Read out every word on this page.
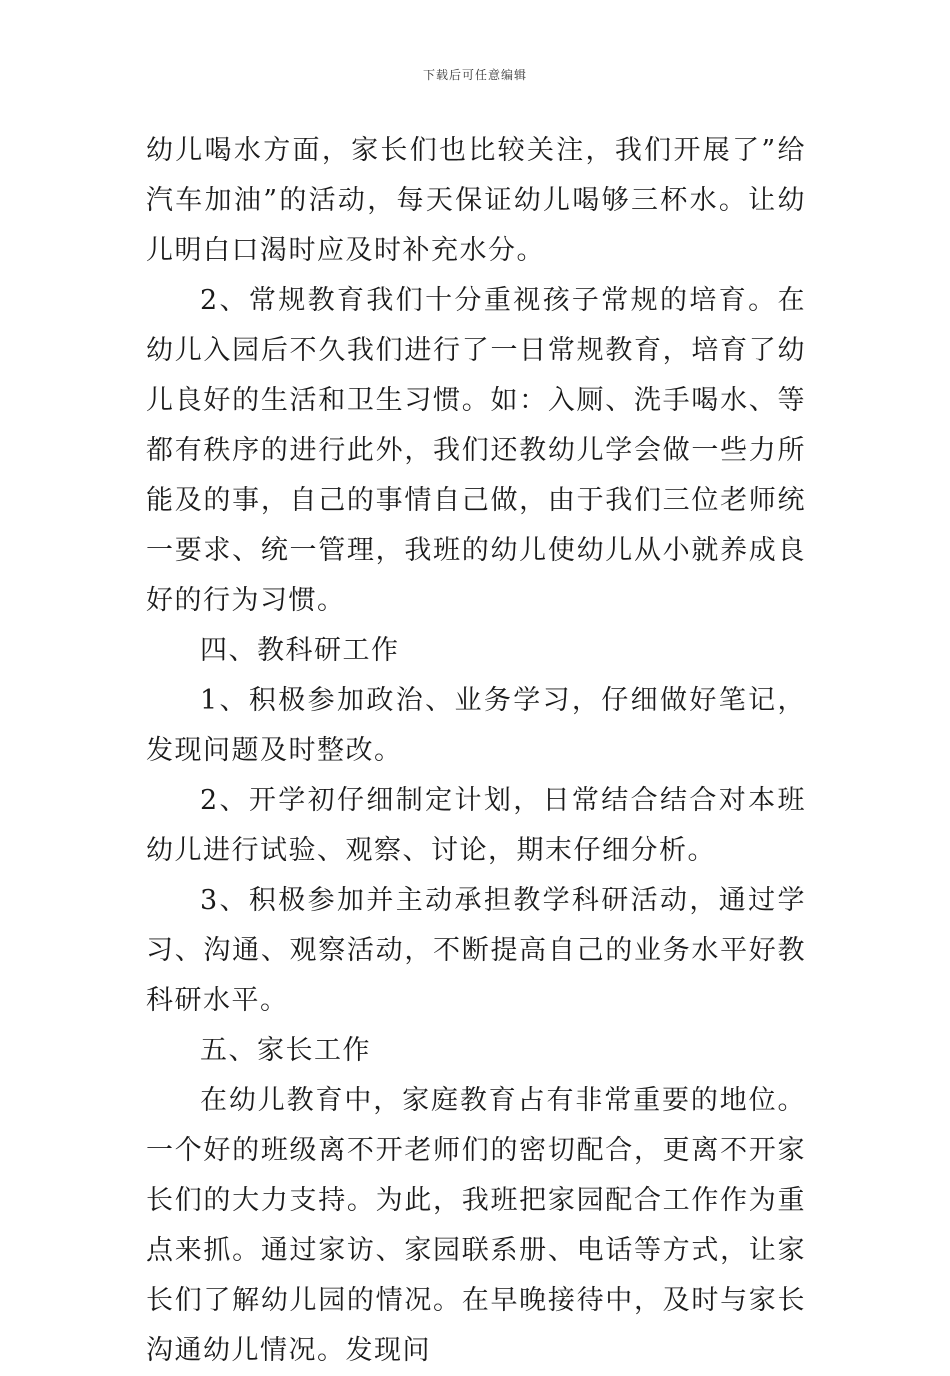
下载后可任意编辑

幼儿喝水方面，家长们也比较关注，我们开展了”给汽车加油”的活动，每天保证幼儿喝够三杯水。让幼儿明白口渴时应及时补充水分。

2、常规教育我们十分重视孩子常规的培育。在幼儿入园后不久我们进行了一日常规教育，培育了幼儿良好的生活和卫生习惯。如：入厕、洗手喝水、等都有秩序的进行此外，我们还教幼儿学会做一些力所能及的事，自己的事情自己做，由于我们三位老师统一要求、统一管理，我班的幼儿使幼儿从小就养成良好的行为习惯。

四、教科研工作

1、积极参加政治、业务学习，仔细做好笔记，发现问题及时整改。

2、开学初仔细制定计划，日常结合结合对本班幼儿进行试验、观察、讨论，期末仔细分析。

3、积极参加并主动承担教学科研活动，通过学习、沟通、观察活动，不断提高自己的业务水平好教科研水平。

五、家长工作

在幼儿教育中，家庭教育占有非常重要的地位。一个好的班级离不开老师们的密切配合，更离不开家长们的大力支持。为此，我班把家园配合工作作为重点来抓。通过家访、家园联系册、电话等方式，让家长们了解幼儿园的情况。在早晚接待中，及时与家长沟通幼儿情况。发现问
